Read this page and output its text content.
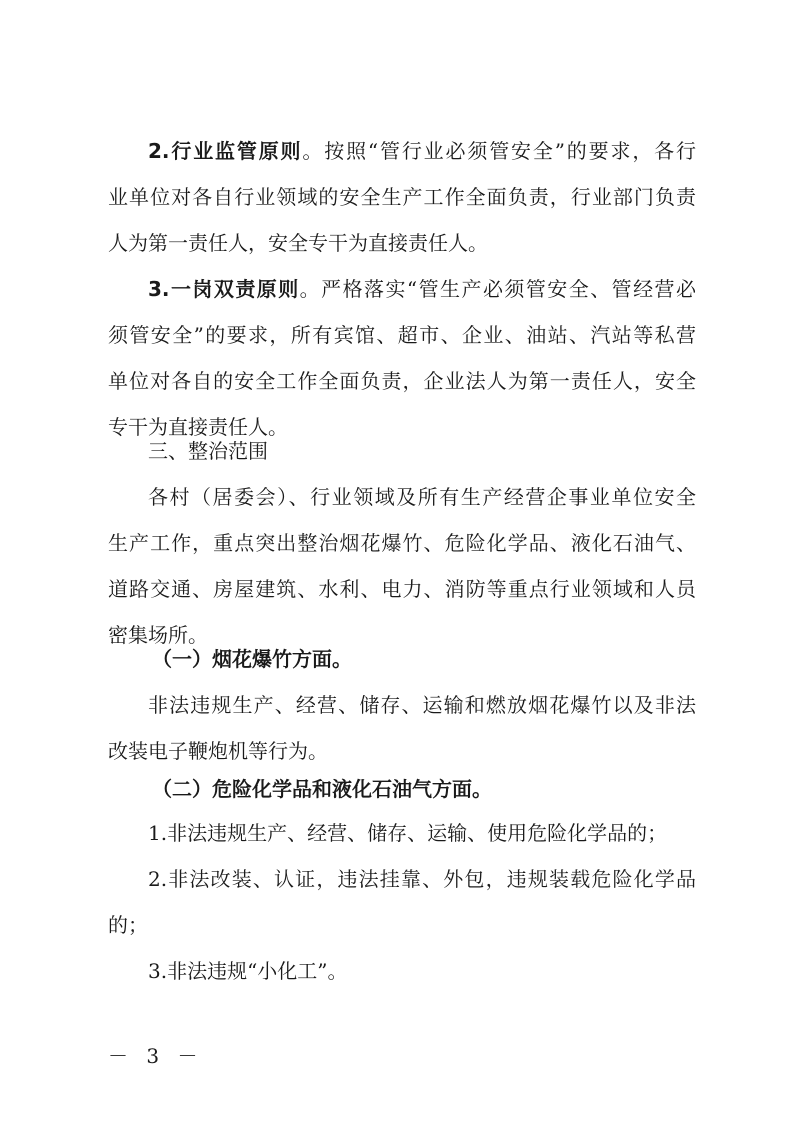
2.行业监管原则。按照“管行业必须管安全”的要求，各行
业单位对各自行业领域的安全生产工作全面负责，行业部门负责
人为第一责任人，安全专干为直接责任人。
3.一岗双责原则。严格落实“管生产必须管安全、管经营必
须管安全”的要求，所有宾馆、超市、企业、油站、汽站等私营
单位对各自的安全工作全面负责，企业法人为第一责任人，安全
专干为直接责任人。
三、整治范围
各村（居委会）、行业领域及所有生产经营企事业单位安全
生产工作，重点突出整治烟花爆竹、危险化学品、液化石油气、
道路交通、房屋建筑、水利、电力、消防等重点行业领域和人员
密集场所。
（一）烟花爆竹方面。
非法违规生产、经营、储存、运输和燃放烟花爆竹以及非法
改装电子鞭炮机等行为。
（二）危险化学品和液化石油气方面。
1.非法违规生产、经营、储存、运输、使用危险化学品的；
2.非法改装、认证，违法挂靠、外包，违规装载危险化学品
的；
3.非法违规“小化工”。
－ 3 －
